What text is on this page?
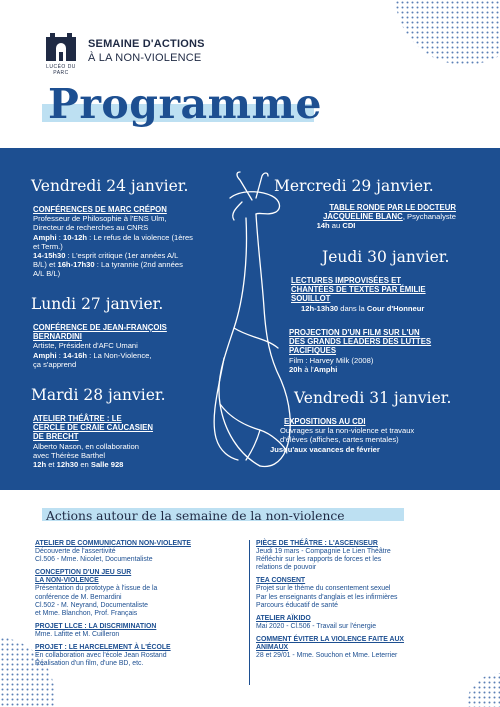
LUCÉO DU PARC
SEMAINE D'ACTIONS
À LA NON-VIOLENCE
Programme
Vendredi 24 janvier.
CONFÉRENCES DE MARC CRÉPON
Professeur de Philosophie à l'ENS Ulm,
Directeur de recherches au CNRS
Amphi : 10-12h : Le refus de la violence (1ères
et Term.)
14-15h30 : L'esprit critique (1er années A/L
B/L) et 16h-17h30 : La tyrannie (2nd années
A/L B/L)
Lundi 27 janvier.
CONFÉRENCE DE JEAN-FRANÇOIS
BERNARDINI
Artiste, Président d'AFC Umani
Amphi : 14-16h : La Non-Violence,
ça s'apprend
Mardi 28 janvier.
ATELIER THÉÂTRE : LE
CERCLE DE CRAIE CAUCASIEN
DE BRECHT
Alberto Nason, en collaboration
avec Thérèse Barthel
12h et 12h30 en Salle 928
Mercredi 29 janvier.
TABLE RONDE PAR LE DOCTEUR
JACQUELINE BLANC, Psychanalyste
14h au CDI
Jeudi 30 janvier.
LECTURES IMPROVISÉES ET
CHANTÉES DE TEXTES PAR ÉMILIE
SOUILLOT
12h-13h30 dans la Cour d'Honneur
PROJECTION D'UN FILM SUR L'UN
DES GRANDS LEADERS DES LUTTES
PACIFIQUES
Film : Harvey Milk (2008)
20h à l'Amphi
Vendredi 31 janvier.
EXPOSITIONS AU CDI
Ouvrages sur la non-violence et travaux
d'élèves (affiches, cartes mentales)
Jusqu'aux vacances de février
Actions autour de la semaine de la non-violence
ATELIER DE COMMUNICATION NON-VIOLENTE
Découverte de l'assertivité
Cl.506 - Mme. Nicolet, Documentaliste
CONCEPTION D'UN JEU SUR
LA NON-VIOLENCE
Présentation du prototype à l'issue de la
conférence de M. Bernardini
Cl.502 - M. Neyrand, Documentaliste
et Mme. Blanchon, Prof. Français
PROJET LLCE : LA DISCRIMINATION
Mme. Lafitte et M. Cuilleron
PROJET : LE HARCELEMENT À L'ÉCOLE
En collaboration avec l'école Jean Rostand
Réalisation d'un film, d'une BD, etc.
PIÈCE DE THÉÂTRE : L'ASCENSEUR
Jeudi 19 mars - Compagnie Le Lien Théâtre
Réfléchir sur les rapports de forces et les
relations de pouvoir
TEA CONSENT
Projet sur le thème du consentement sexuel
Par les enseignants d'anglais et les infirmières
Parcours éducatif de santé
ATELIER AÏKIDO
Mai 2020 - Cl.506 - Travail sur l'énergie
COMMENT ÉVITER LA VIOLENCE FAITE AUX
ANIMAUX
28 et 29/01 - Mme. Souchon et Mme. Leterrier
